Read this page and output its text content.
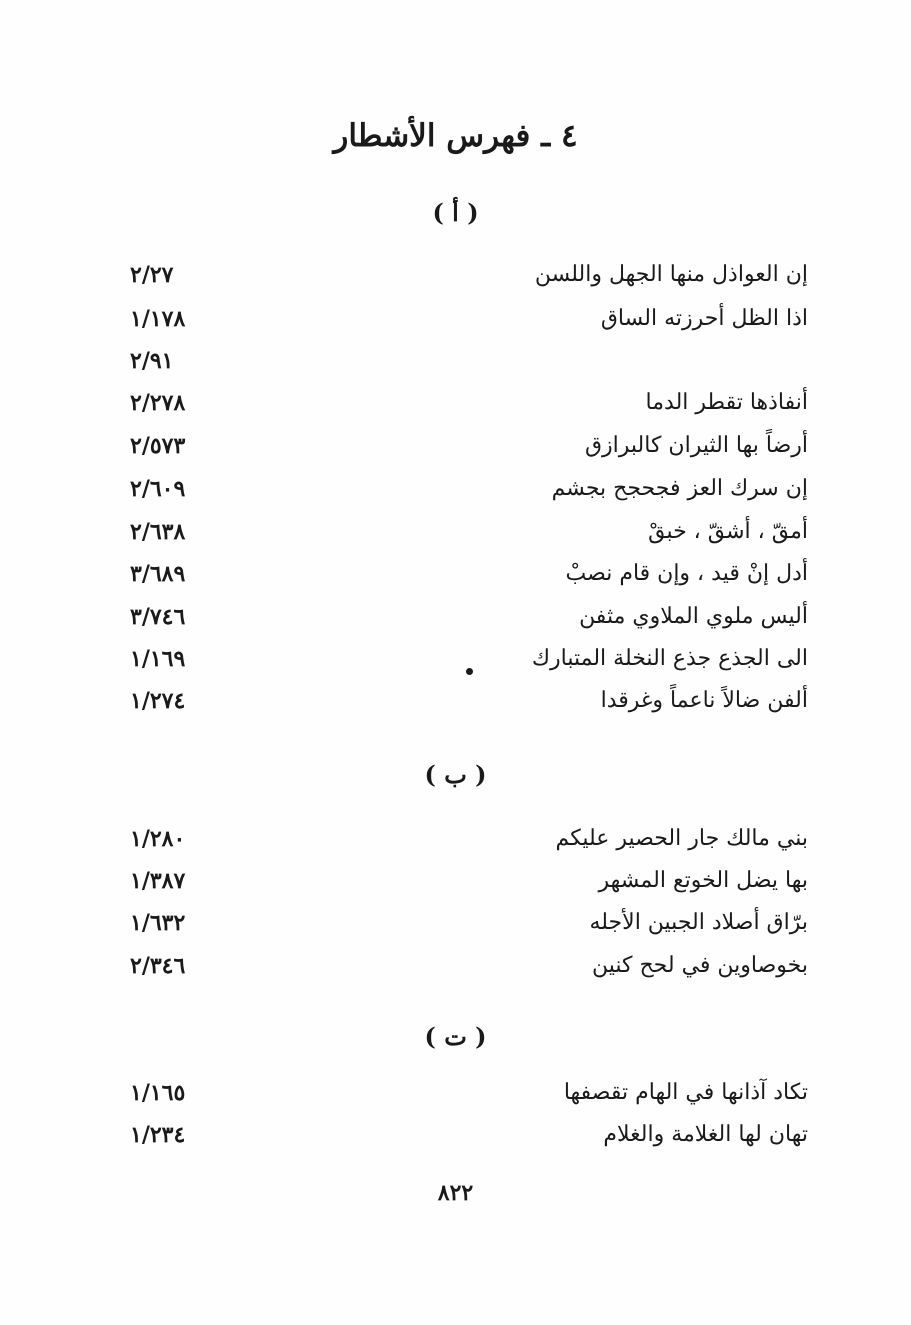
٤ ـ فهرس الأشطار
( أ )
إن العواذل منها الجهل واللسن
٢/٢٧
اذا الظل أحرزته الساق
١/١٧٨
٢/٩١
أنفاذها تقطر الدما
٢/٢٧٨
أرضاً بها الثيران كالبرازق
٢/٥٧٣
إن سرك العز فجحجح بجشم
٢/٦٠٩
أمقّ ، أشقّ ، خبقْ
٢/٦٣٨
أدل إنْ قيد ، وإن قام نصبْ
٣/٦٨٩
أليس ملوي الملاوي مثفن
٣/٧٤٦
الى الجذع جذع النخلة المتبارك
١/١٦٩
ألفن ضالاً ناعماً وغرقدا
١/٢٧٤
( ب )
بني مالك جار الحصير عليكم
١/٢٨٠
بها يضل الخوتع المشهر
١/٣٨٧
برّاق أصلاد الجبين الأجله
١/٦٣٢
بخوصاوين في لحح كنين
٢/٣٤٦
( ت )
تكاد آذانها في الهام تقصفها
١/١٦٥
تهان لها الغلامة والغلام
١/٢٣٤
٨٢٢
